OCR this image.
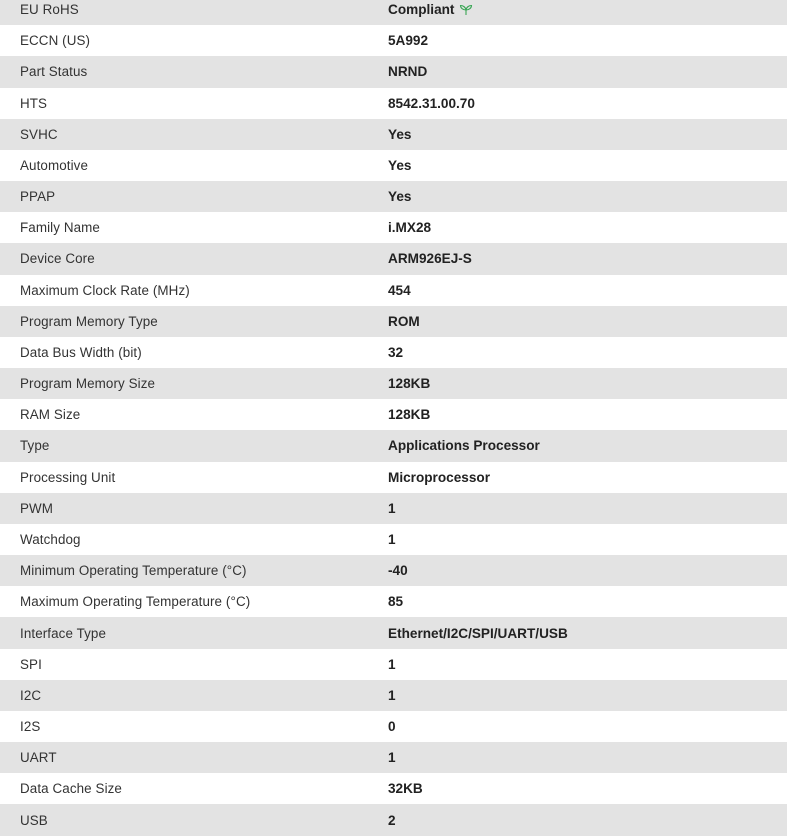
EU RoHS	Compliant
ECCN (US)	5A992
Part Status	NRND
HTS	8542.31.00.70
SVHC	Yes
Automotive	Yes
PPAP	Yes
Family Name	i.MX28
Device Core	ARM926EJ-S
Maximum Clock Rate (MHz)	454
Program Memory Type	ROM
Data Bus Width (bit)	32
Program Memory Size	128KB
RAM Size	128KB
Type	Applications Processor
Processing Unit	Microprocessor
PWM	1
Watchdog	1
Minimum Operating Temperature (°C)	-40
Maximum Operating Temperature (°C)	85
Interface Type	Ethernet/I2C/SPI/UART/USB
SPI	1
I2C	1
I2S	0
UART	1
Data Cache Size	32KB
USB	2
